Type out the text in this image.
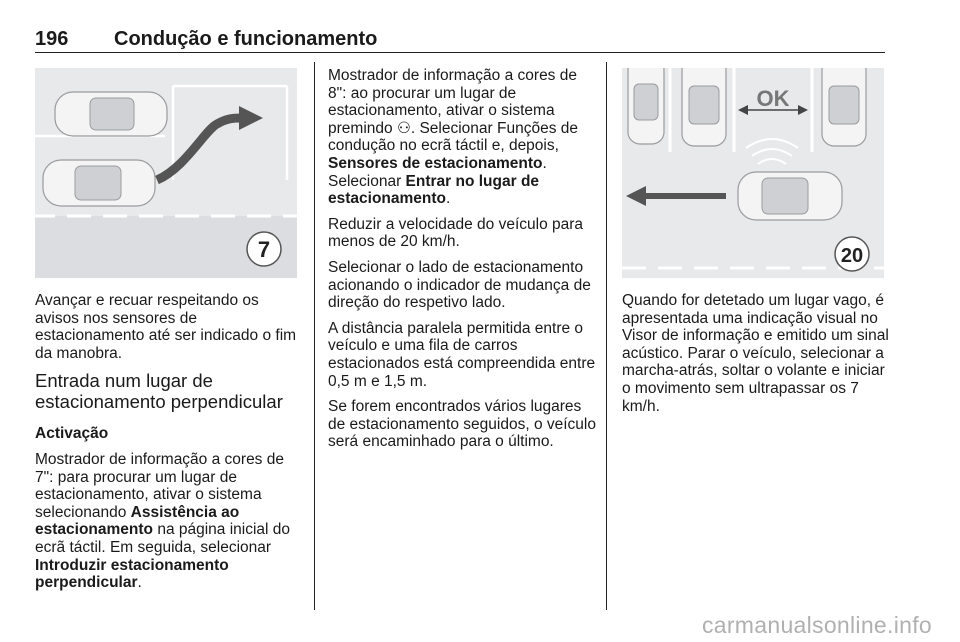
196 Condução e funcionamento
7
OK
20

Avançar e recuar respeitando os avisos nos sensores de estacionamento até ser indicado o fim da manobra.

Entrada num lugar de estacionamento perpendicular

Activação

Mostrador de informação a cores de 7": para procurar um lugar de estacionamento, ativar o sistema selecionando Assistência ao estacionamento na página inicial do ecrã táctil. Em seguida, selecionar Introduzir estacionamento perpendicular.

Mostrador de informação a cores de 8": ao procurar um lugar de estacionamento, ativar o sistema premindo ⚇. Selecionar Funções de condução no ecrã táctil e, depois, Sensores de estacionamento.
Selecionar Entrar no lugar de estacionamento.

Reduzir a velocidade do veículo para menos de 20 km/h.

Selecionar o lado de estacionamento acionando o indicador de mudança de direção do respetivo lado.

A distância paralela permitida entre o veículo e uma fila de carros estacionados está compreendida entre 0,5 m e 1,5 m.

Se forem encontrados vários lugares de estacionamento seguidos, o veículo será encaminhado para o último.

Quando for detetado um lugar vago, é apresentada uma indicação visual no Visor de informação e emitido um sinal acústico. Parar o veículo, selecionar a marcha-atrás, soltar o volante e iniciar o movimento sem ultrapassar os 7 km/h.

carmanualsonline.info
